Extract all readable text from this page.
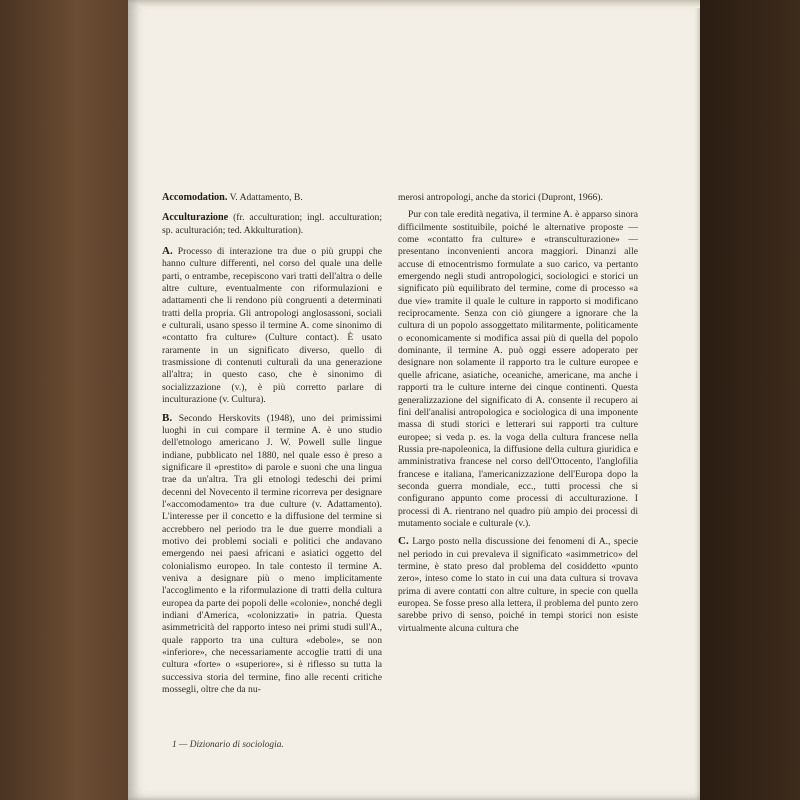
Accomodation. V. Adattamento, B.

Acculturazione (fr. acculturation; ingl. acculturation; sp. aculturación; ted. Akkulturation).

A. Processo di interazione tra due o più gruppi che hanno culture differenti, nel corso del quale una delle parti, o entrambe, recepiscono vari tratti dell'altra o delle altre culture, eventualmente con riformulazioni e adattamenti che li rendono più congruenti a determinati tratti della propria. Gli antropologi anglosassoni, sociali e culturali, usano spesso il termine A. come sinonimo di «contatto fra culture» (Culture contact). È usato raramente in un significato diverso, quello di trasmissione di contenuti culturali da una generazione all'altra; in questo caso, che è sinonimo di socializzazione (v.), è più corretto parlare di inculturazione (v. Cultura).

B. Secondo Herskovits (1948), uno dei primissimi luoghi in cui compare il termine A. è uno studio dell'etnologo americano J. W. Powell sulle lingue indiane, pubblicato nel 1880, nel quale esso è preso a significare il «prestito» di parole e suoni che una lingua trae da un'altra. Tra gli etnologi tedeschi dei primi decenni del Novecento il termine ricorreva per designare l'«accomodamento» tra due culture (v. Adattamento). L'interesse per il concetto e la diffusione del termine si accrebbero nel periodo tra le due guerre mondiali a motivo dei problemi sociali e politici che andavano emergendo nei paesi africani e asiatici oggetto del colonialismo europeo. In tale contesto il termine A. veniva a designare più o meno implicitamente l'accoglimento e la riformulazione di tratti della cultura europea da parte dei popoli delle «colonie», nonché degli indiani d'America, «colonizzati» in patria. Questa asimmetricità del rapporto inteso nei primi studi sull'A., quale rapporto tra una cultura «debole», se non «inferiore», che necessariamente accoglie tratti di una cultura «forte» o «superiore», si è riflesso su tutta la successiva storia del termine, fino alle recenti critiche mossegli, oltre che da nu-

merosi antropologi, anche da storici (Dupront, 1966).

Pur con tale eredità negativa, il termine A. è apparso sinora difficilmente sostituibile, poiché le alternative proposte — come «contatto fra culture» e «transculturazione» — presentano inconvenienti ancora maggiori. Dinanzi alle accuse di etnocentrismo formulate a suo carico, va pertanto emergendo negli studi antropologici, sociologici e storici un significato più equilibrato del termine, come di processo «a due vie» tramite il quale le culture in rapporto si modificano reciprocamente. Senza con ciò giungere a ignorare che la cultura di un popolo assoggettato militarmente, politicamente o economicamente si modifica assai più di quella del popolo dominante, il termine A. può oggi essere adoperato per designare non solamente il rapporto tra le culture europee e quelle africane, asiatiche, oceaniche, americane, ma anche i rapporti tra le culture interne dei cinque continenti. Questa generalizzazione del significato di A. consente il recupero ai fini dell'analisi antropologica e sociologica di una imponente massa di studi storici e letterari sui rapporti tra culture europee; si veda p. es. la voga della cultura francese nella Russia pre-napoleonica, la diffusione della cultura giuridica e amministrativa francese nel corso dell'Ottocento, l'anglofilia francese e italiana, l'americanizzazione dell'Europa dopo la seconda guerra mondiale, ecc., tutti processi che si configurano appunto come processi di acculturazione. I processi di A. rientrano nel quadro più ampio dei processi di mutamento sociale e culturale (v.).

C. Largo posto nella discussione dei fenomeni di A., specie nel periodo in cui prevaleva il significato «asimmetrico» del termine, è stato preso dal problema del cosiddetto «punto zero», inteso come lo stato in cui una data cultura si trovava prima di avere contatti con altre culture, in specie con quella europea. Se fosse preso alla lettera, il problema del punto zero sarebbe privo di senso, poiché in tempi storici non esiste virtualmente alcuna cultura che

1 — Dizionario di sociologia.
